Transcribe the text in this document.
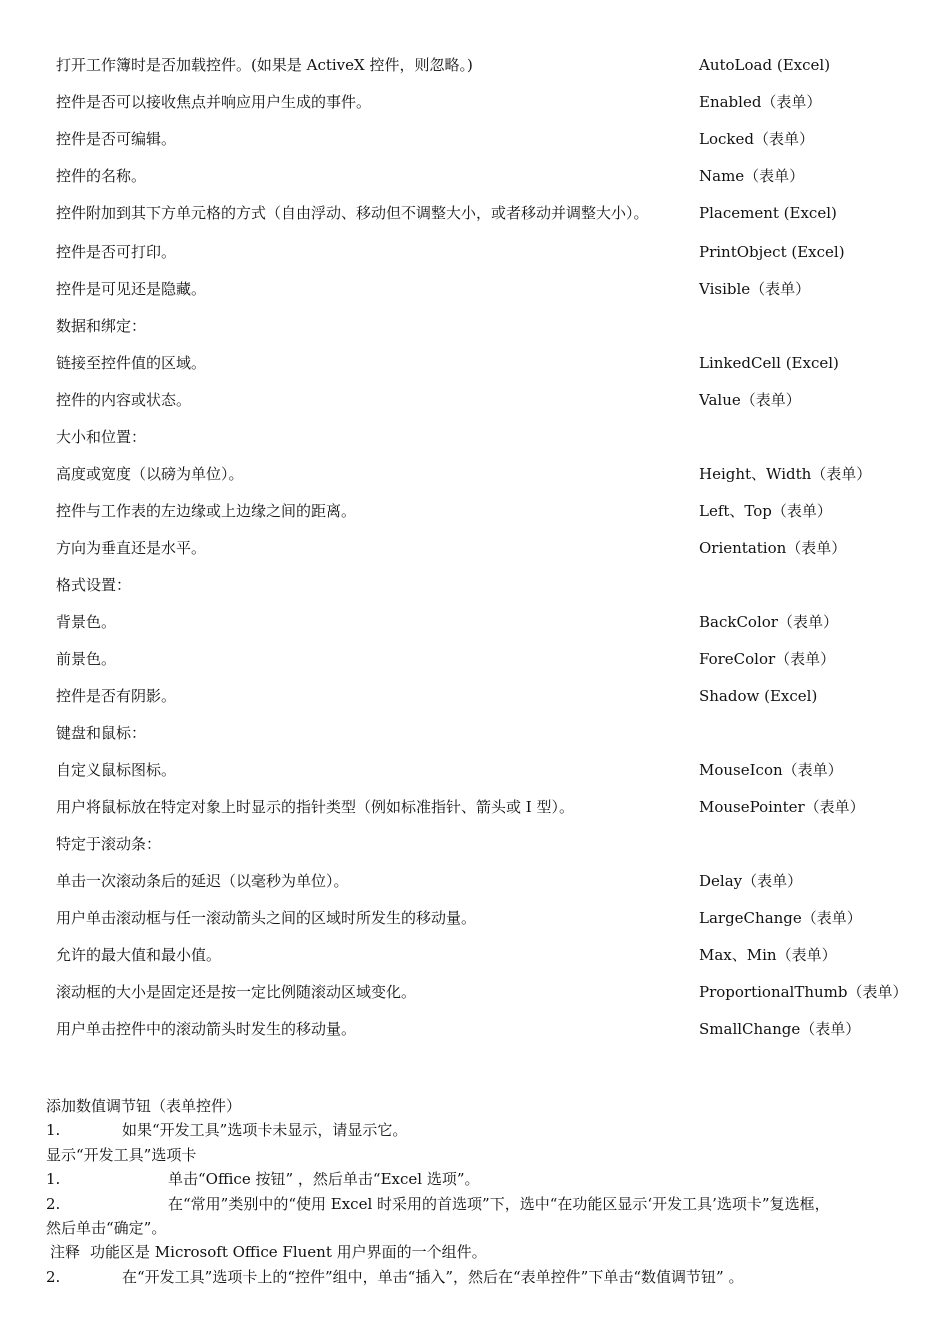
打开工作簿时是否加载控件。(如果是 ActiveX 控件，则忽略。)	AutoLoad (Excel)
控件是否可以接收焦点并响应用户生成的事件。	Enabled（表单）
控件是否可编辑。	Locked（表单）
控件的名称。	Name（表单）
控件附加到其下方单元格的方式（自由浮动、移动但不调整大小，或者移动并调整大小）。	Placement (Excel)
控件是否可打印。	PrintObject (Excel)
控件是可见还是隐藏。	Visible（表单）
数据和绑定：
链接至控件值的区域。	LinkedCell (Excel)
控件的内容或状态。	Value（表单）
大小和位置：
高度或宽度（以磅为单位）。	Height、Width（表单）
控件与工作表的左边缘或上边缘之间的距离。	Left、Top（表单）
方向为垂直还是水平。	Orientation（表单）
格式设置：
背景色。	BackColor（表单）
前景色。	ForeColor（表单）
控件是否有阴影。	Shadow (Excel)
键盘和鼠标：
自定义鼠标图标。	MouseIcon（表单）
用户将鼠标放在特定对象上时显示的指针类型（例如标准指针、箭头或 I 型）。	MousePointer（表单）
特定于滚动条：
单击一次滚动条后的延迟（以毫秒为单位）。	Delay（表单）
用户单击滚动框与任一滚动箭头之间的区域时所发生的移动量。	LargeChange（表单）
允许的最大值和最小值。	Max、Min（表单）
滚动框的大小是固定还是按一定比例随滚动区域变化。	ProportionalThumb（表单）
用户单击控件中的滚动箭头时发生的移动量。	SmallChange（表单）
添加数值调节钮（表单控件）
1.	如果“开发工具”选项卡未显示，请显示它。
显示“开发工具”选项卡
1.	单击“Office 按钮” ，然后单击“Excel 选项”。
2.	在“常用”类别中的“使用 Excel 时采用的首选项”下，选中“在功能区显示‘开发工具’选项卡”复选框，
然后单击“确定”。
注释 功能区是 Microsoft Office Fluent 用户界面的一个组件。
2.	在“开发工具”选项卡上的“控件”组中，单击“插入”，然后在“表单控件”下单击“数值调节钮” 。
